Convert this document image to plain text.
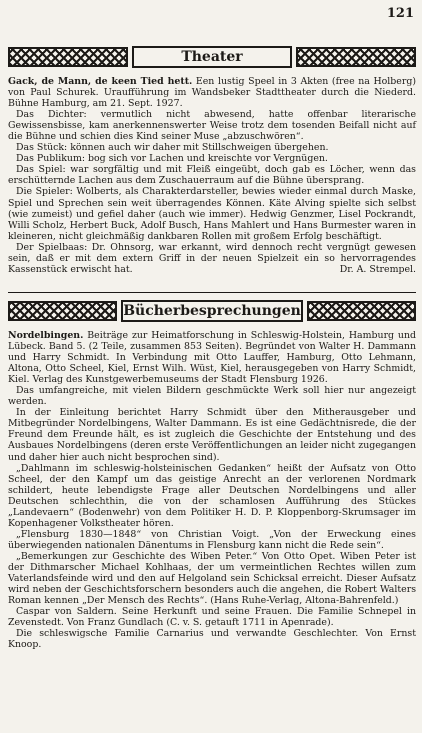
121
Theater

Gack, de Mann, de keen Tied hett. Een lustig Speel in 3 Akten (free na Holberg) von Paul Schurek. Uraufführung im Wandsbeker Stadttheater durch die Niederd. Bühne Hamburg, am 21. Sept. 1927.

Das Dichter: vermutlich nicht abwesend, hatte offenbar literarische Gewissensbisse, kam anerkennenswerter Weise trotz dem tosenden Beifall nicht auf die Bühne und schien dies Kind seiner Muse „abzuschwören“.

Das Stück: können auch wir daher mit Stillschweigen übergehen.

Das Publikum: bog sich vor Lachen und kreischte vor Vergnügen.

Das Spiel: war sorgfältig und mit Fleiß eingeübt, doch gab es Löcher, wenn das erschütternde Lachen aus dem Zuschauerraum auf die Bühne übersprang.

Die Spieler: Wolberts, als Charakterdarsteller, bewies wieder einmal durch Maske, Spiel und Sprechen sein weit überragendes Können. Käte Alving spielte sich selbst (wie zumeist) und gefiel daher (auch wie immer). Hedwig Genzmer, Lisel Pockrandt, Willi Scholz, Herbert Buck, Adolf Busch, Hans Mahlert und Hans Burmester waren in kleineren, nicht gleichmäßig dankbaren Rollen mit großem Erfolg beschäftigt.

Der Spielbaas: Dr. Ohnsorg, war erkannt, wird dennoch recht vergnügt gewesen sein, daß er mit dem extern Griff in der neuen Spielzeit ein so hervorragendes Kassenstück erwischt hat.	Dr. A. Strempel.

Bücherbesprechungen

Nordelbingen. Beiträge zur Heimatforschung in Schleswig-Holstein, Hamburg und Lübeck. Band 5. (2 Teile, zusammen 853 Seiten). Begründet von Walter H. Dammann und Harry Schmidt. In Verbindung mit Otto Lauffer, Hamburg, Otto Lehmann, Altona, Otto Scheel, Kiel, Ernst Wilh. Wüst, Kiel, herausgegeben von Harry Schmidt, Kiel. Verlag des Kunstgewerbemuseums der Stadt Flensburg 1926.

Das umfangreiche, mit vielen Bildern geschmückte Werk soll hier nur angezeigt werden.

In der Einleitung berichtet Harry Schmidt über den Mitherausgeber und Mitbegründer Nordelbingens, Walter Dammann. Es ist eine Gedächtnisrede, die der Freund dem Freunde hält, es ist zugleich die Geschichte der Entstehung und des Ausbaues Nordelbingens (deren erste Veröffentlichungen an leider nicht zugegangen und daher hier auch nicht besprochen sind).

„Dahlmann im schleswig-holsteinischen Gedanken“ heißt der Aufsatz von Otto Scheel, der den Kampf um das geistige Anrecht an der verlorenen Nordmark schildert, heute lebendigste Frage aller Deutschen Nordelbingens und aller Deutschen schlechthin, die von der schamlosen Aufführung des Stückes „Landevaern“ (Bodenwehr) von dem Politiker H. D. P. Kloppenborg-Skrumsager im Kopenhagener Volkstheater hören.

„Flensburg 1830—1848“ von Christian Voigt. „Von der Erweckung eines überwiegenden nationalen Dänentums in Flensburg kann nicht die Rede sein“.

„Bemerkungen zur Geschichte des Wiben Peter.“ Von Otto Opet. Wiben Peter ist der Dithmarscher Michael Kohlhaas, der um vermeintlichen Rechtes willen zum Vaterlandsfeinde wird und den auf Helgoland sein Schicksal erreicht. Dieser Aufsatz wird neben der Geschichtsforschern besonders auch die angehen, die Robert Walters Roman kennen „Der Mensch des Rechts“. (Hans Ruhe-Verlag, Altona-Bahrenfeld.)

Caspar von Saldern. Seine Herkunft und seine Frauen. Die Familie Schnepel in Zevenstedt. Von Franz Gundlach (C. v. S. getauft 1711 in Apenrade).

Die schleswigsche Familie Carnarius und verwandte Geschlechter. Von Ernst Knoop.
